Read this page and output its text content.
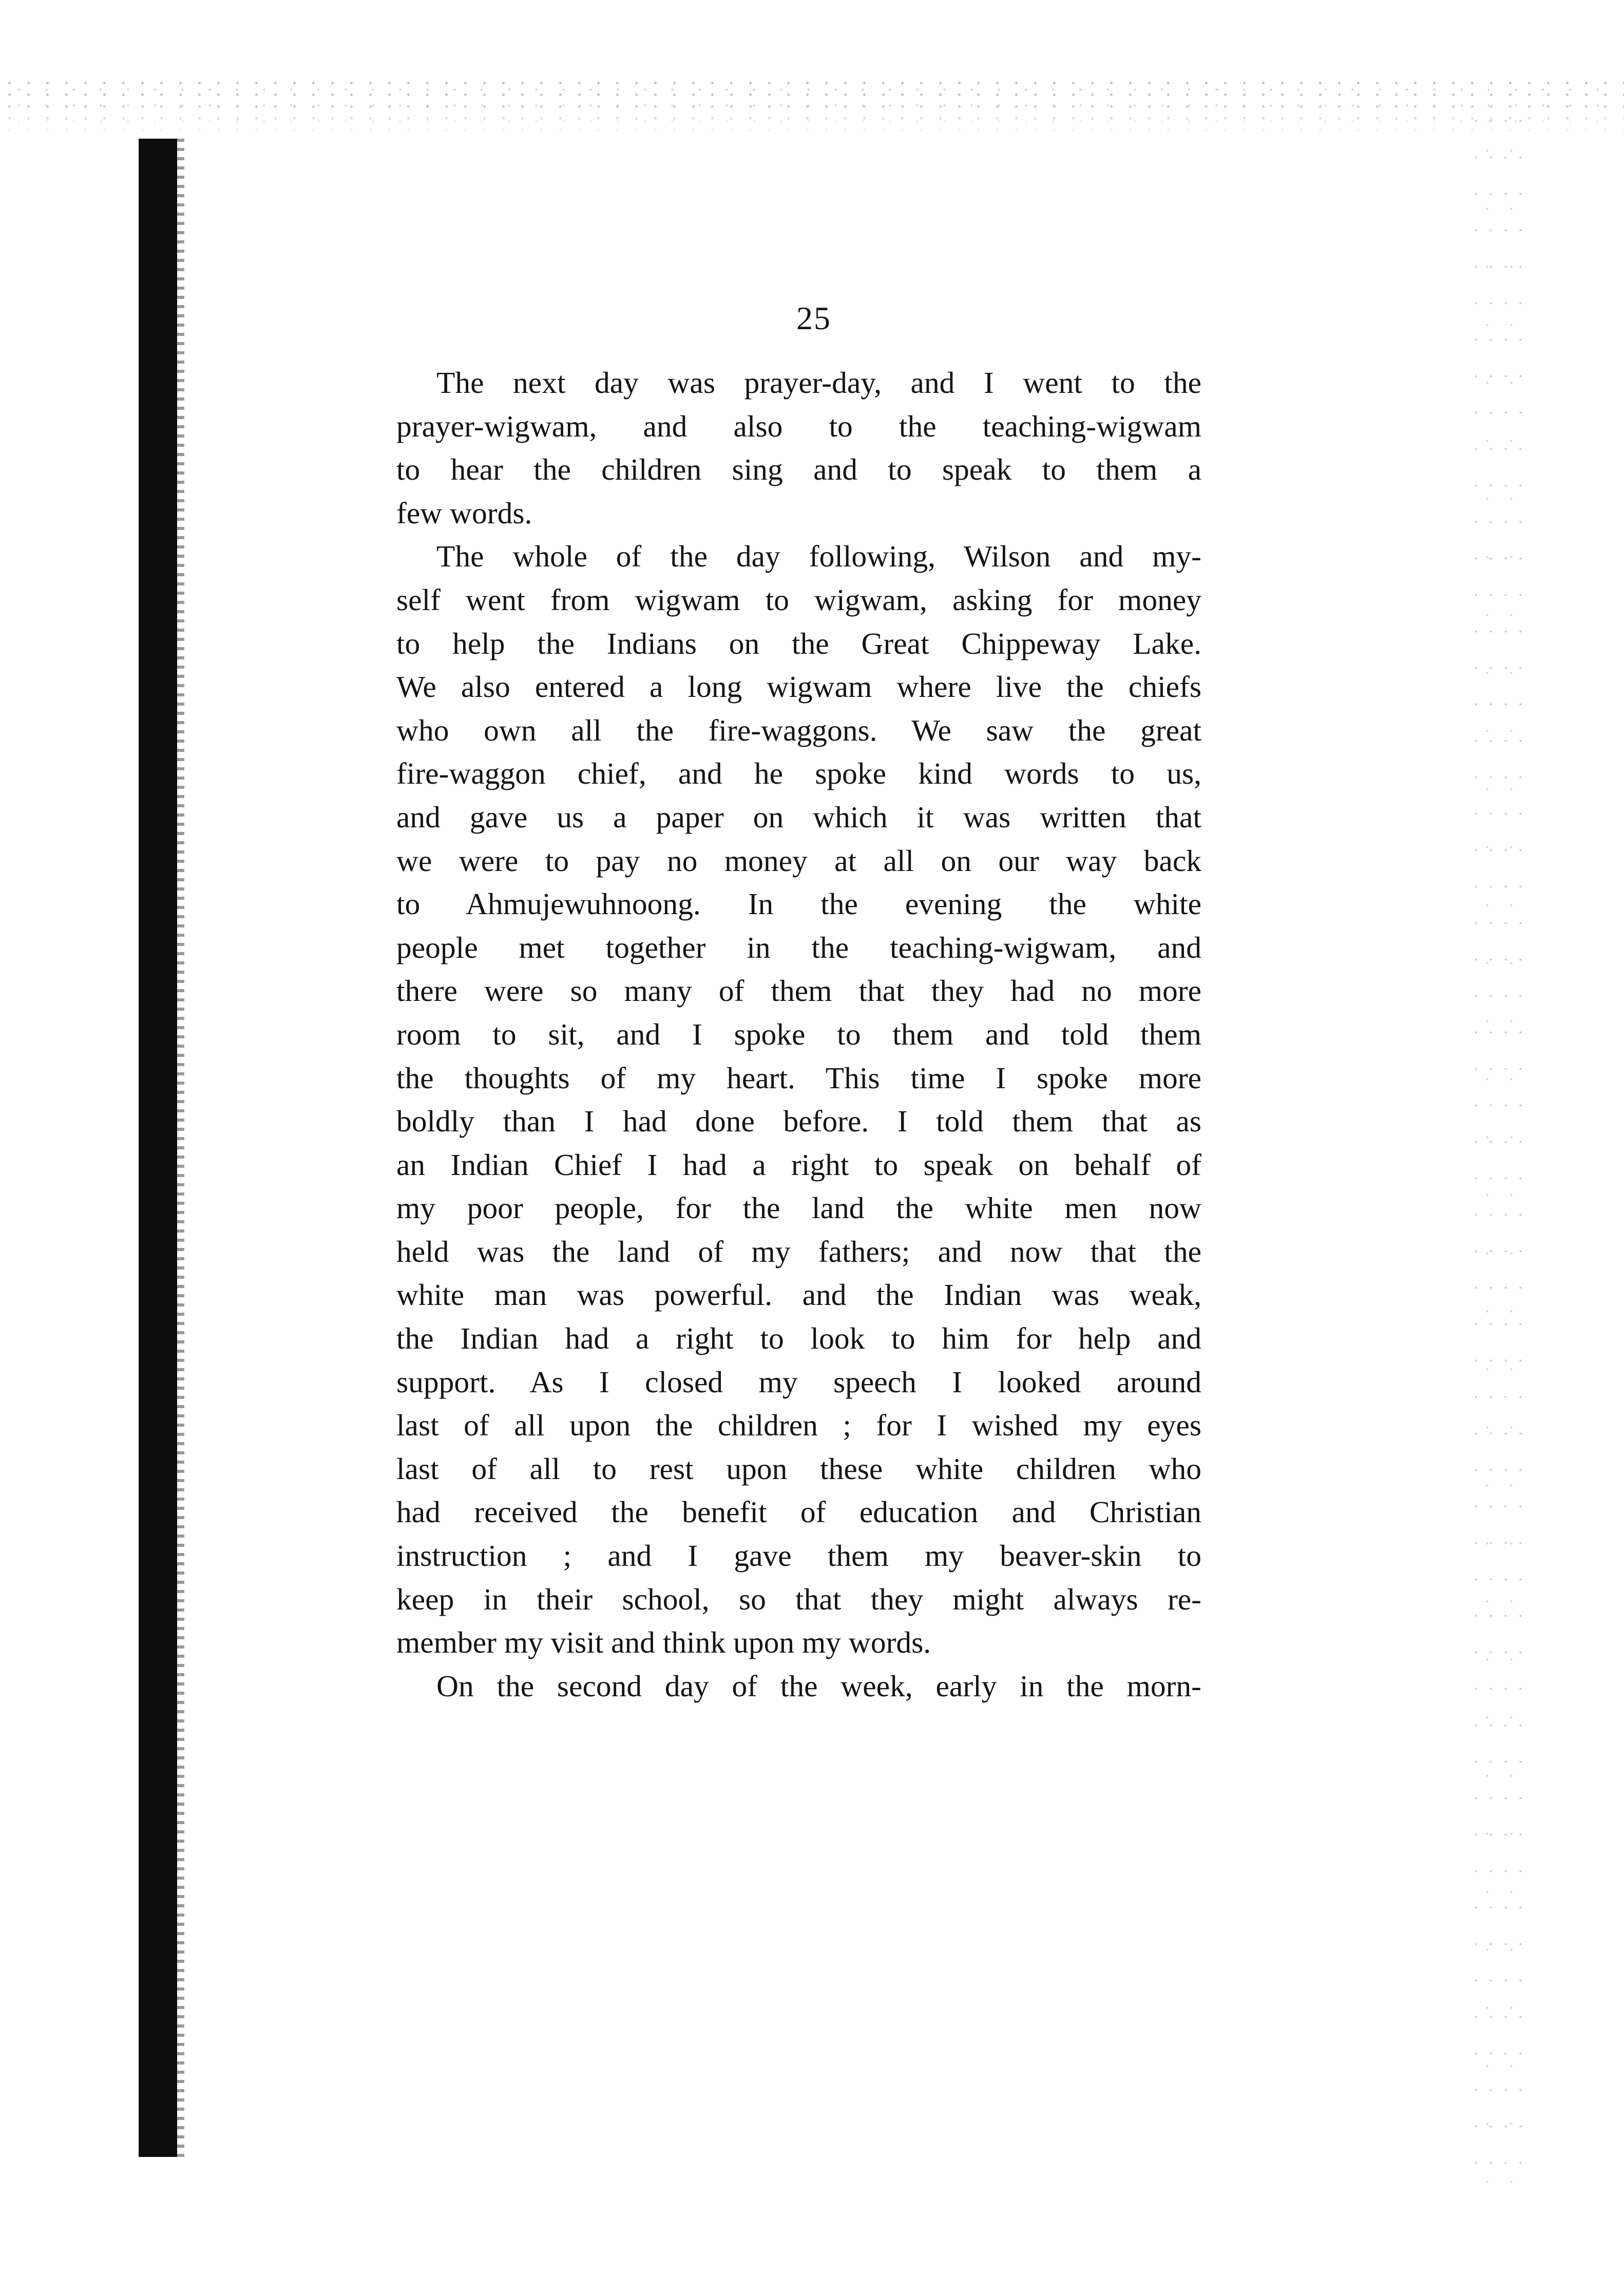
25
The next day was prayer-day, and I went to the
prayer-wigwam, and also to the teaching-wigwam
to hear the children sing and to speak to them a
few words.
The whole of the day following, Wilson and my-
self went from wigwam to wigwam, asking for money
to help the Indians on the Great Chippeway Lake.
We also entered a long wigwam where live the chiefs
who own all the fire-waggons. We saw the great
fire-waggon chief, and he spoke kind words to us,
and gave us a paper on which it was written that
we were to pay no money at all on our way back
to Ahmujewuhnoong. In the evening the white
people met together in the teaching-wigwam, and
there were so many of them that they had no more
room to sit, and I spoke to them and told them
the thoughts of my heart. This time I spoke more
boldly than I had done before. I told them that as
an Indian Chief I had a right to speak on behalf of
my poor people, for the land the white men now
held was the land of my fathers; and now that the
white man was powerful. and the Indian was weak,
the Indian had a right to look to him for help and
support. As I closed my speech I looked around
last of all upon the children ; for I wished my eyes
last of all to rest upon these white children who
had received the benefit of education and Christian
instruction ; and I gave them my beaver-skin to
keep in their school, so that they might always re-
member my visit and think upon my words.
On the second day of the week, early in the morn-
